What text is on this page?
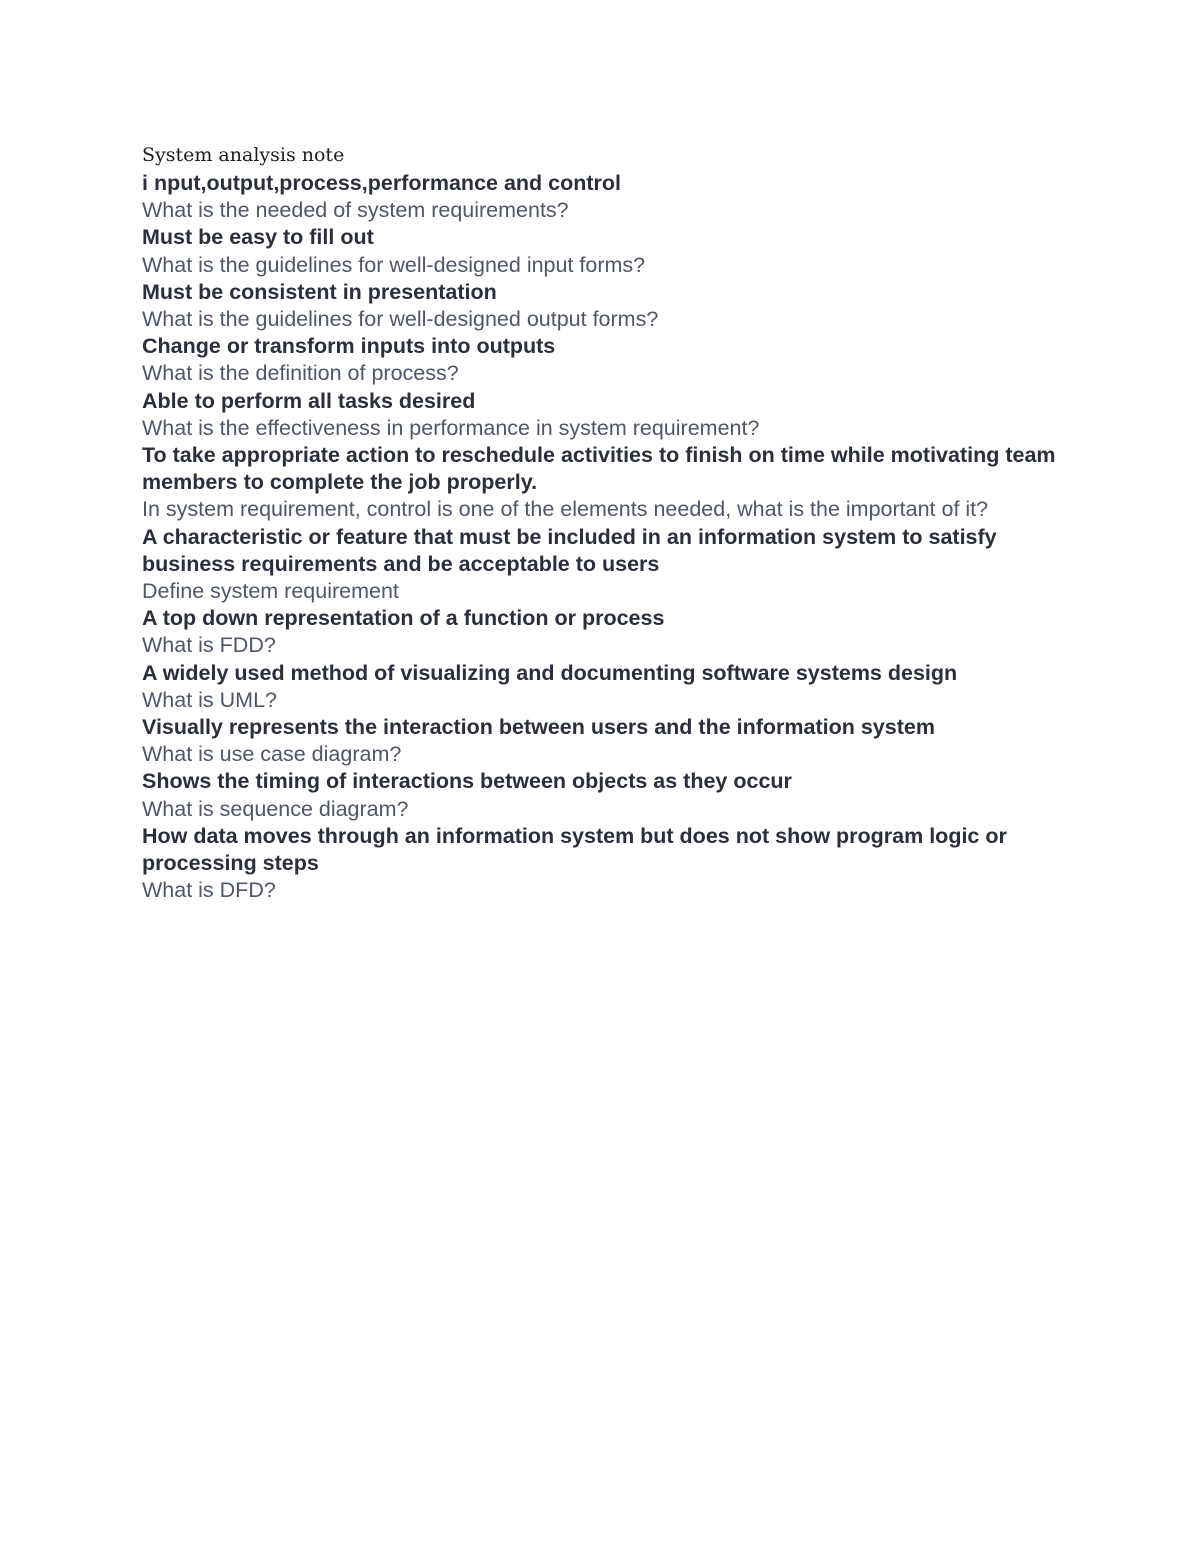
System analysis note

i nput,output,process,performance and control

What is the needed of system requirements?

Must be easy to fill out

What is the guidelines for well-designed input forms?

Must be consistent in presentation

What is the guidelines for well-designed output forms?

Change or transform inputs into outputs

What is the definition of process?

Able to perform all tasks desired

What is the effectiveness in performance in system requirement?

To take appropriate action to reschedule activities to finish on time while motivating team members to complete the job properly.

In system requirement, control is one of the elements needed, what is the important of it?

A characteristic or feature that must be included in an information system to satisfy business requirements and be acceptable to users

Define system requirement

A top down representation of a function or process

What is FDD?

A widely used method of visualizing and documenting software systems design

What is UML?

Visually represents the interaction between users and the information system

What is use case diagram?

Shows the timing of interactions between objects as they occur

What is sequence diagram?

How data moves through an information system but does not show program logic or processing steps

What is DFD?
